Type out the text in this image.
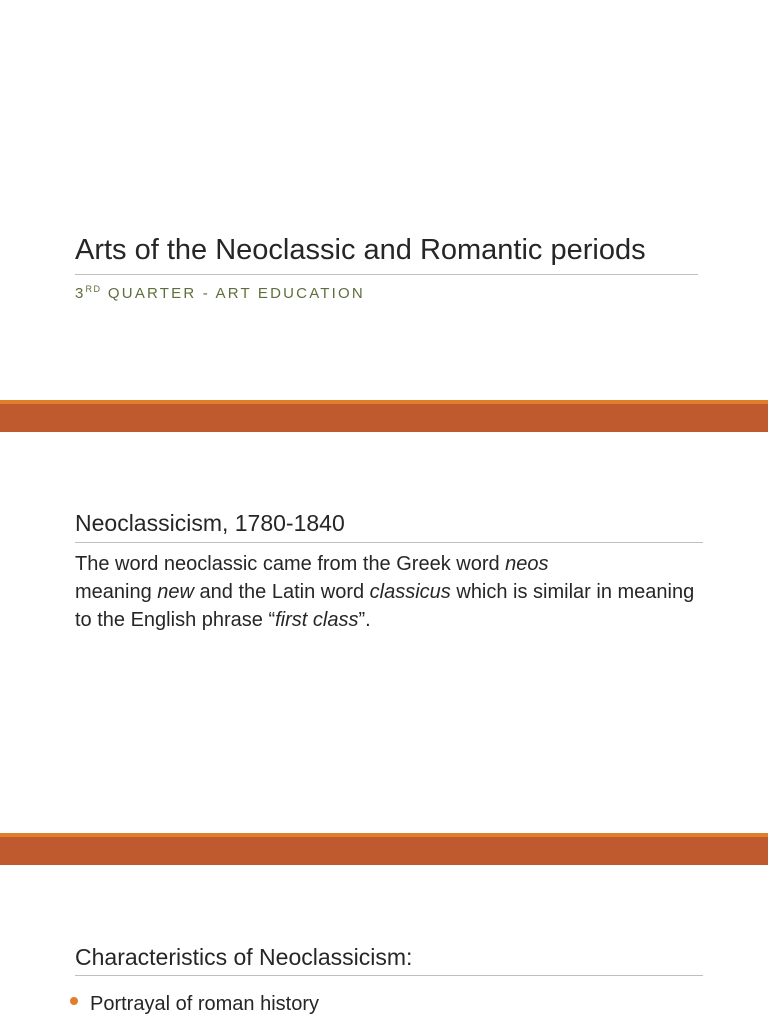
Arts of the Neoclassic and Romantic periods
3RD QUARTER - ART EDUCATION
Neoclassicism, 1780-1840
The word neoclassic came from the Greek word neos
meaning new and the Latin word classicus which is similar in meaning to the English phrase “first class”.
Characteristics of Neoclassicism:
Portrayal of roman history
